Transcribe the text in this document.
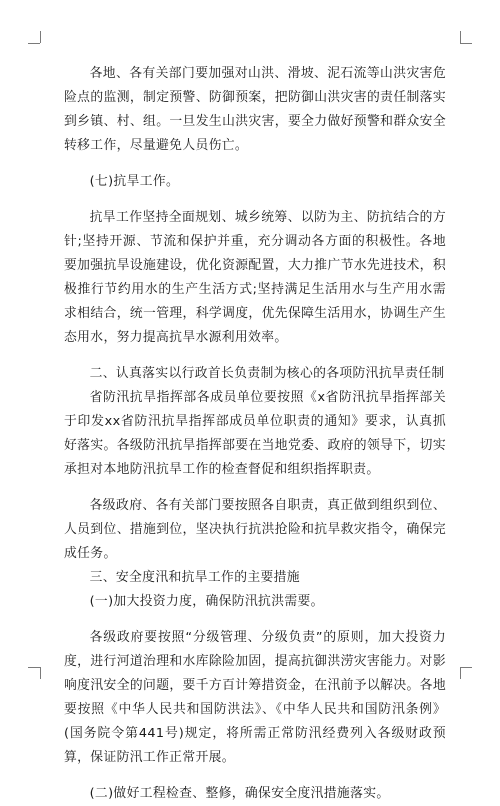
各地、各有关部门要加强对山洪、滑坡、泥石流等山洪灾害危险点的监测，制定预警、防御预案，把防御山洪灾害的责任制落实到乡镇、村、组。一旦发生山洪灾害，要全力做好预警和群众安全转移工作，尽量避免人员伤亡。

(七)抗旱工作。

抗旱工作坚持全面规划、城乡统筹、以防为主、防抗结合的方针;坚持开源、节流和保护并重，充分调动各方面的积极性。各地要加强抗旱设施建设，优化资源配置，大力推广节水先进技术，积极推行节约用水的生产生活方式;坚持满足生活用水与生产用水需求相结合，统一管理，科学调度，优先保障生活用水，协调生产生态用水，努力提高抗旱水源利用效率。

二、认真落实以行政首长负责制为核心的各项防汛抗旱责任制

省防汛抗旱指挥部各成员单位要按照《x省防汛抗旱指挥部关于印发xx省防汛抗旱指挥部成员单位职责的通知》要求，认真抓好落实。各级防汛抗旱指挥部要在当地党委、政府的领导下，切实承担对本地防汛抗旱工作的检查督促和组织指挥职责。

各级政府、各有关部门要按照各自职责，真正做到组织到位、人员到位、措施到位，坚决执行抗洪抢险和抗旱救灾指令，确保完成任务。

三、安全度汛和抗旱工作的主要措施

(一)加大投资力度，确保防汛抗洪需要。

各级政府要按照“分级管理、分级负责”的原则，加大投资力度，进行河道治理和水库除险加固，提高抗御洪涝灾害能力。对影响度汛安全的问题，要千方百计筹措资金，在汛前予以解决。各地要按照《中华人民共和国防洪法》、《中华人民共和国防汛条例》(国务院令第441号)规定，将所需正常防汛经费列入各级财政预算，保证防汛工作正常开展。

(二)做好工程检查、整修，确保安全度汛措施落实。
